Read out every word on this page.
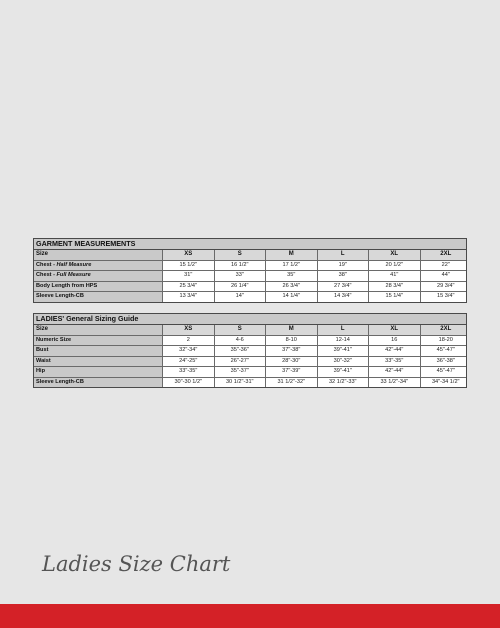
GARMENT MEASUREMENTS
Size	XS	S	M	L	XL	2XL
Chest - Half Measure	15 1/2"	16 1/2"	17 1/2"	19"	20 1/2"	22"
Chest - Full Measure	31"	33"	35"	38"	41"	44"
Body Length from HPS	25 3/4"	26 1/4"	26 3/4"	27 3/4"	28 3/4"	29 3/4"
Sleeve Length-CB	13 3/4"	14"	14 1/4"	14 3/4"	15 1/4"	15 3/4"
LADIES' General Sizing Guide
Size	XS	S	M	L	XL	2XL
Numeric Size	2	4-6	8-10	12-14	16	18-20
Bust	32"-34"	35"-36"	37"-38"	39"-41"	42"-44"	45"-47"
Waist	24"-25"	26"-27"	28"-30"	30"-32"	33"-35"	36"-38"
Hip	33"-35"	35"-37"	37"-39"	39"-41"	42"-44"	45"-47"
Sleeve Length-CB	30"-30 1/2"	30 1/2"-31"	31 1/2"-32"	32 1/2"-33"	33 1/2"-34"	34"-34 1/2"
Ladies Size Chart
